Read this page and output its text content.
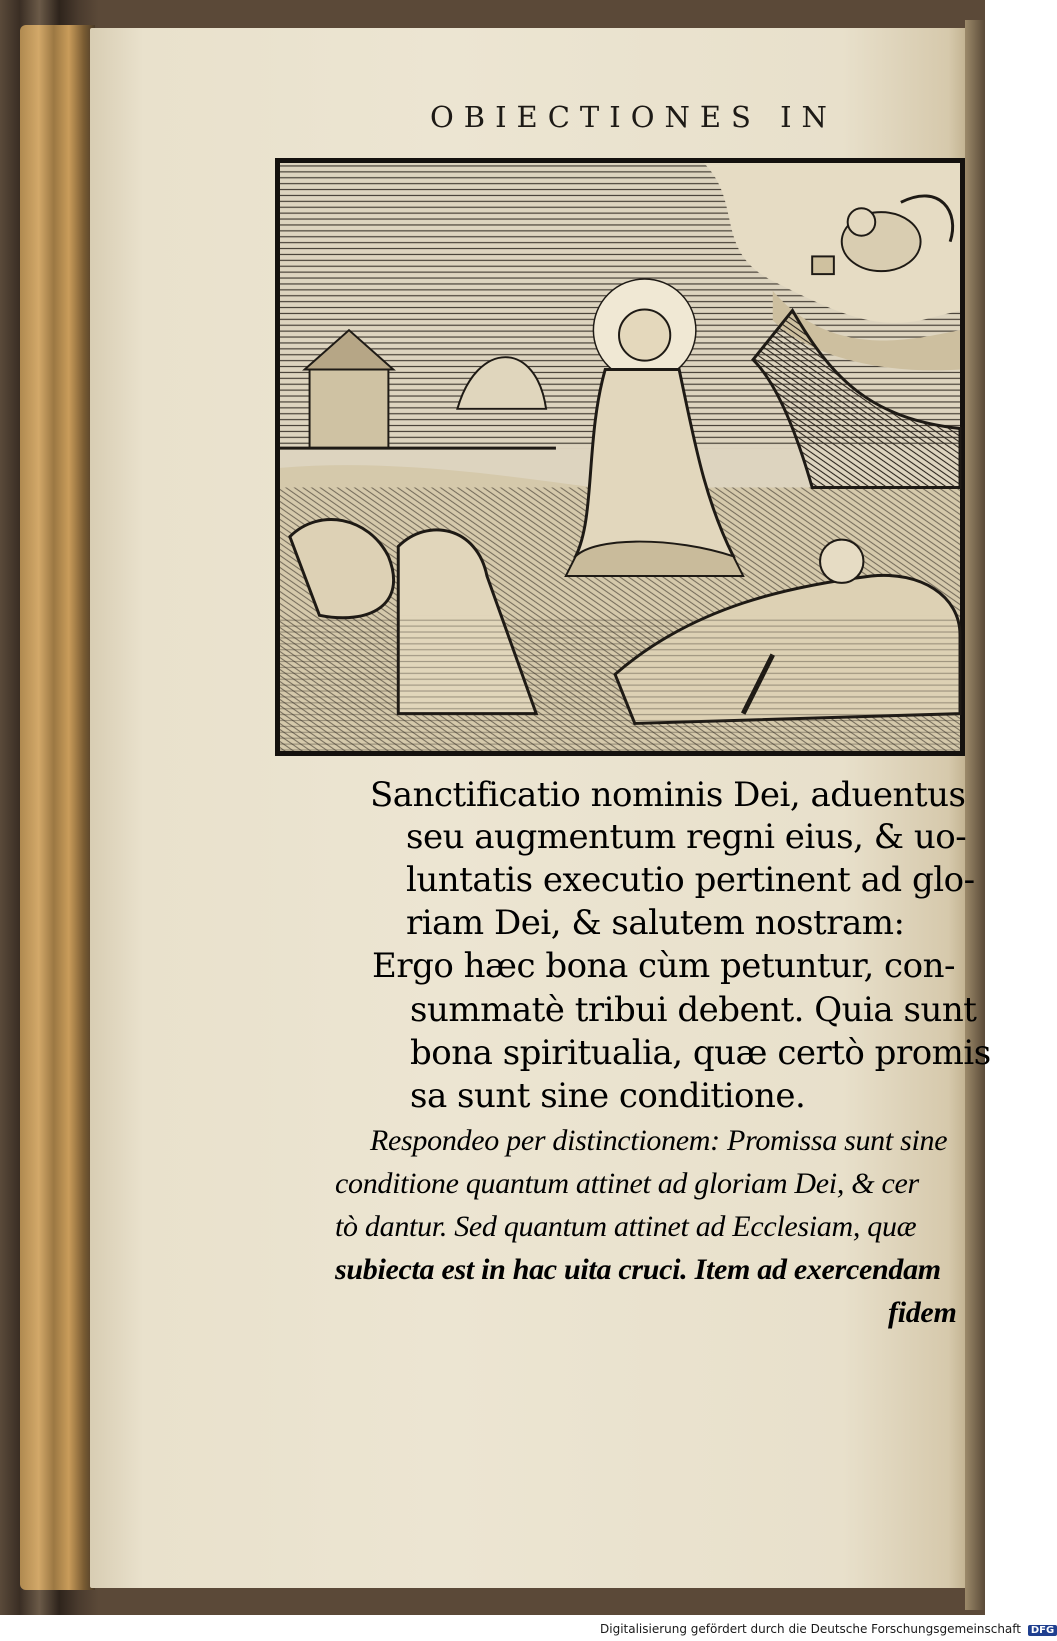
OBIECTIONES IN
Sanctificatio nominis Dei, aduentus
seu augmentum regni eius, & uo-
luntatis executio pertinent ad glo-
riam Dei, & salutem nostram:
Ergo hæc bona cùm petuntur, con-
summatè tribui debent. Quia sunt
bona spiritualia, quæ certò promis
sa sunt sine conditione.
Respondeo per distinctionem: Promissa sunt sine
conditione quantum attinet ad gloriam Dei, & cer
tò dantur. Sed quantum attinet ad Ecclesiam, quæ
subiecta est in hac uita cruci. Item ad exercendam
fidem
Digitalisierung gefördert durch die Deutsche Forschungsgemeinschaft DFG
